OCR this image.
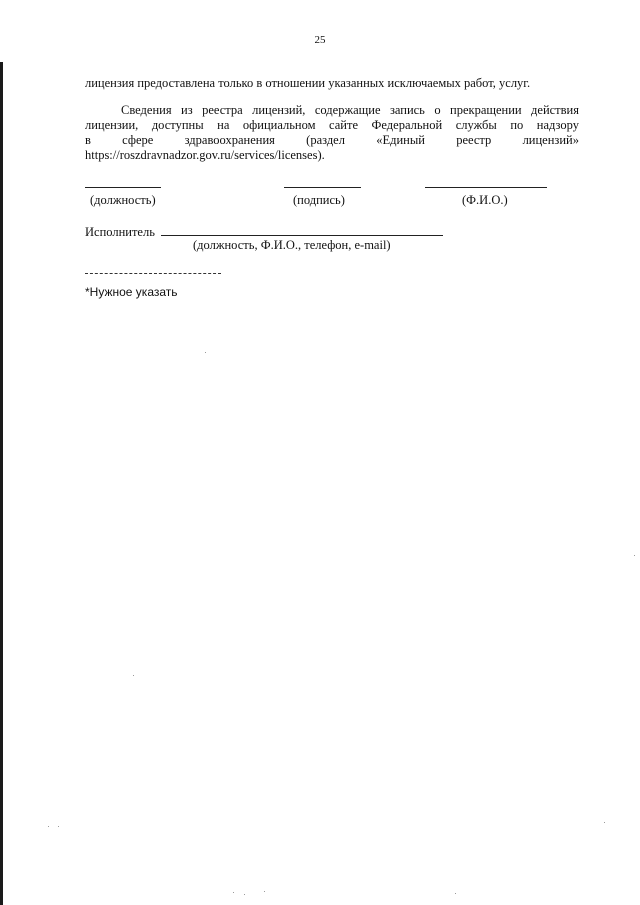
25
лицензия предоставлена только в отношении указанных исключаемых работ, услуг.
Сведения из реестра лицензий, содержащие запись о прекращении действия
лицензии, доступны на официальном сайте Федеральной службы по надзору
в сфере здравоохранения (раздел «Единый реестр лицензий»
https://roszdravnadzor.gov.ru/services/licenses).
(должность)	(подпись)	(Ф.И.О.)
Исполнитель
(должность, Ф.И.О., телефон, e-mail)
*Нужное указать
